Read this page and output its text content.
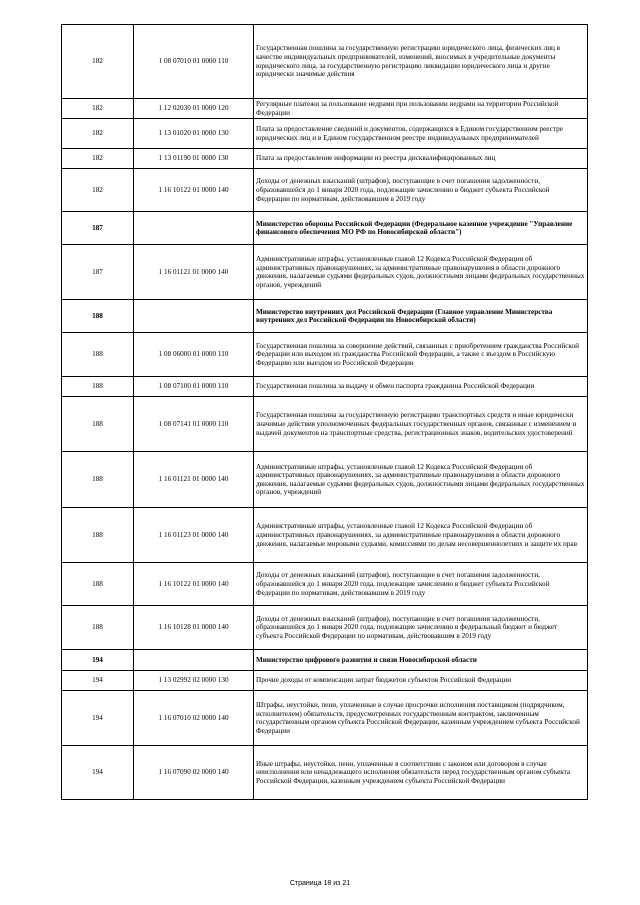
182	1 08 07010 01 0000 110	Государственная пошлина за государственную регистрацию юридического лица, физических лиц в качестве индивидуальных предпринимателей, изменений, вносимых в учредительные документы юридического лица, за государственную регистрацию ликвидации юридического лица и другие юридически значимые действия
182	1 12 02030 01 0000 120	Регулярные платежи за пользование недрами при пользовании недрами на территории Российской Федерации
182	1 13 01020 01 0000 130	Плата за предоставление сведений и документов, содержащихся в Едином государственном реестре юридических лиц и в Едином государственном реестре индивидуальных предпринимателей
182	1 13 01190 01 0000 130	Плата за предоставление информации из реестра дисквалифицированных лиц
182	1 16 10122 01 0000 140	Доходы от денежных взысканий (штрафов), поступающие в счет погашения задолженности, образовавшейся до 1 января 2020 года, подлежащие зачислению в бюджет субъекта Российской Федерации по нормативам, действовавшим в 2019 году
187		Министерство обороны Российской Федерации (Федеральное казенное учреждение "Управление финансового обеспечения МО РФ по Новосибирской области")
187	1 16 01121 01 0000 140	Административные штрафы, установленные главой 12 Кодекса Российской Федерации об административных правонарушениях, за административные правонарушения в области дорожного движения, налагаемые судьями федеральных судов, должностными лицами федеральных государственных органов, учреждений
188		Министерство внутренних дел Российской Федерации (Главное управление Министерства внутренних дел Российской Федерации по Новосибирской области)
188	1 08 06000 01 0000 110	Государственная пошлина за совершение действий, связанных с приобретением гражданства Российской Федерации или выходом из гражданства Российской Федерации, а также с въездом в Российскую Федерацию или выездом из Российской Федерации
188	1 08 07100 01 0000 110	Государственная пошлина за выдачу и обмен паспорта гражданина Российской Федерации
188	1 08 07141 01 0000 110	Государственная пошлина за государственную регистрацию транспортных средств и иные юридически значимые действия уполномоченных федеральных государственных органов, связанные с изменением и выдачей документов на транспортные средства, регистрационных знаков, водительских удостоверений
188	1 16 01121 01 0000 140	Административные штрафы, установленные главой 12 Кодекса Российской Федерации об административных правонарушениях, за административные правонарушения в области дорожного движения, налагаемые судьями федеральных судов, должностными лицами федеральных государственных органов, учреждений
188	1 16 01123 01 0000 140	Административные штрафы, установленные главой 12 Кодекса Российской Федерации об административных правонарушениях, за административные правонарушения в области дорожного движения, налагаемые мировыми судьями, комиссиями по делам несовершеннолетних и защите их прав
188	1 16 10122 01 0000 140	Доходы от денежных взысканий (штрафов), поступающие в счет погашения задолженности, образовавшейся до 1 января 2020 года, подлежащие зачислению в бюджет субъекта Российской Федерации по нормативам, действовавшим в 2019 году
188	1 16 10128 01 0000 140	Доходы от денежных взысканий (штрафов), поступающие в счет погашения задолженности, образовавшейся до 1 января 2020 года, подлежащие зачислению в федеральный бюджет и бюджет субъекта Российской Федерации по нормативам, действовавшим в 2019 году
194		Министерство цифрового развития и связи Новосибирской области
194	1 13 02992 02 0000 130	Прочие доходы от компенсации затрат бюджетов субъектов Российской Федерации
194	1 16 07010 02 0000 140	Штрафы, неустойки, пени, уплаченные в случае просрочки исполнения поставщиком (подрядчиком, исполнителем) обязательств, предусмотренных государственным контрактом, заключенным государственным органом субъекта Российской Федерации, казенным учреждением субъекта Российской Федерации
194	1 16 07090 02 0000 140	Иные штрафы, неустойки, пени, уплаченные в соответствии с законом или договором в случае неисполнения или ненадлежащего исполнения обязательств перед государственным органом субъекта Российской Федерации, казенным учреждением субъекта Российской Федерации
Страница 18 из 21
